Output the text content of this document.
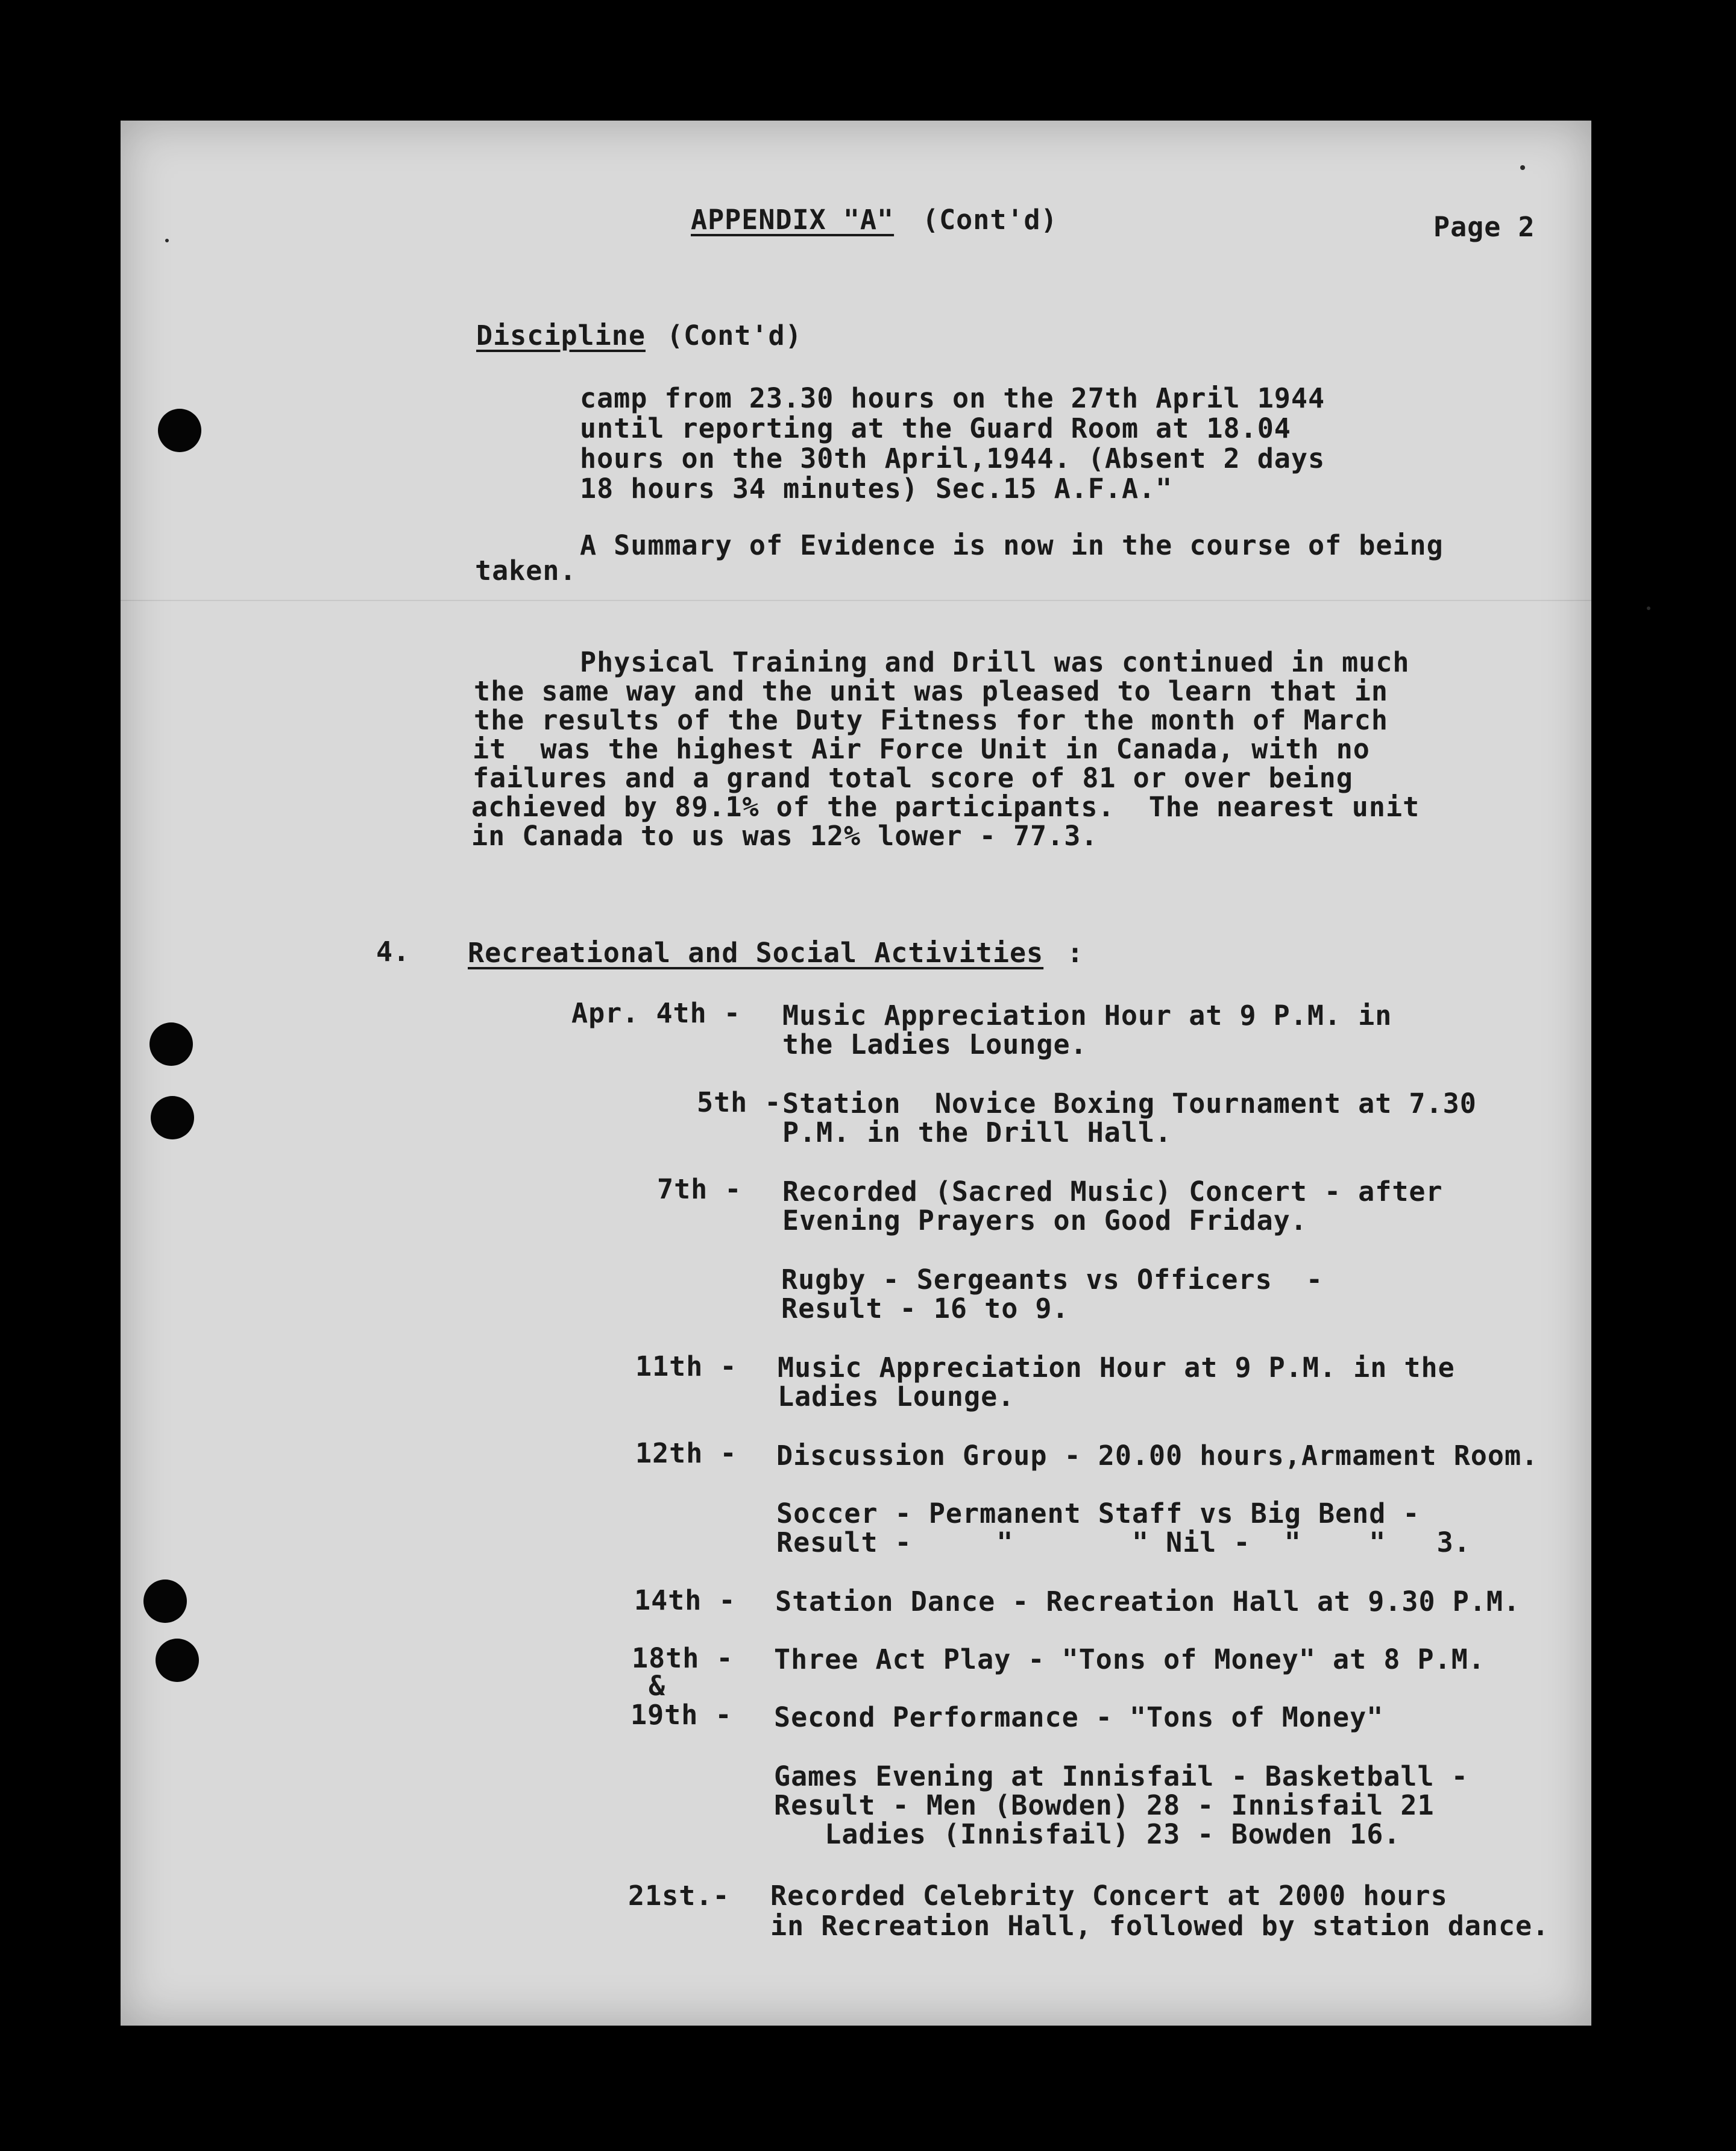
APPENDIX "A" (Cont'd)	Page 2
Discipline (Cont'd)
camp from 23.30 hours on the 27th April 1944
until reporting at the Guard Room at 18.04
hours on the 30th April,1944. (Absent 2 days
18 hours 34 minutes) Sec.15 A.F.A."
A Summary of Evidence is now in the course of being
taken.
Physical Training and Drill was continued in much
the same way and the unit was pleased to learn that in
the results of the Duty Fitness for the month of March
it  was the highest Air Force Unit in Canada, with no
failures and a grand total score of 81 or over being
achieved by 89.1% of the participants.  The nearest unit
in Canada to us was 12% lower - 77.3.
4. Recreational and Social Activities :
Apr. 4th -
5th -
7th -
11th -
12th -
14th -
18th -
&
19th -
21st.-
Music Appreciation Hour at 9 P.M. in
the Ladies Lounge.
Station  Novice Boxing Tournament at 7.30
P.M. in the Drill Hall.
Recorded (Sacred Music) Concert - after
Evening Prayers on Good Friday.
Rugby - Sergeants vs Officers  -
Result - 16 to 9.
Music Appreciation Hour at 9 P.M. in the
Ladies Lounge.
Discussion Group - 20.00 hours,Armament Room.
Soccer - Permanent Staff vs Big Bend -
Result -     "       " Nil -  "    "   3.
Station Dance - Recreation Hall at 9.30 P.M.
Three Act Play - "Tons of Money" at 8 P.M.
Second Performance - "Tons of Money"
Games Evening at Innisfail - Basketball -
Result - Men (Bowden) 28 - Innisfail 21
Ladies (Innisfail) 23 - Bowden 16.
Recorded Celebrity Concert at 2000 hours
in Recreation Hall, followed by station dance.
